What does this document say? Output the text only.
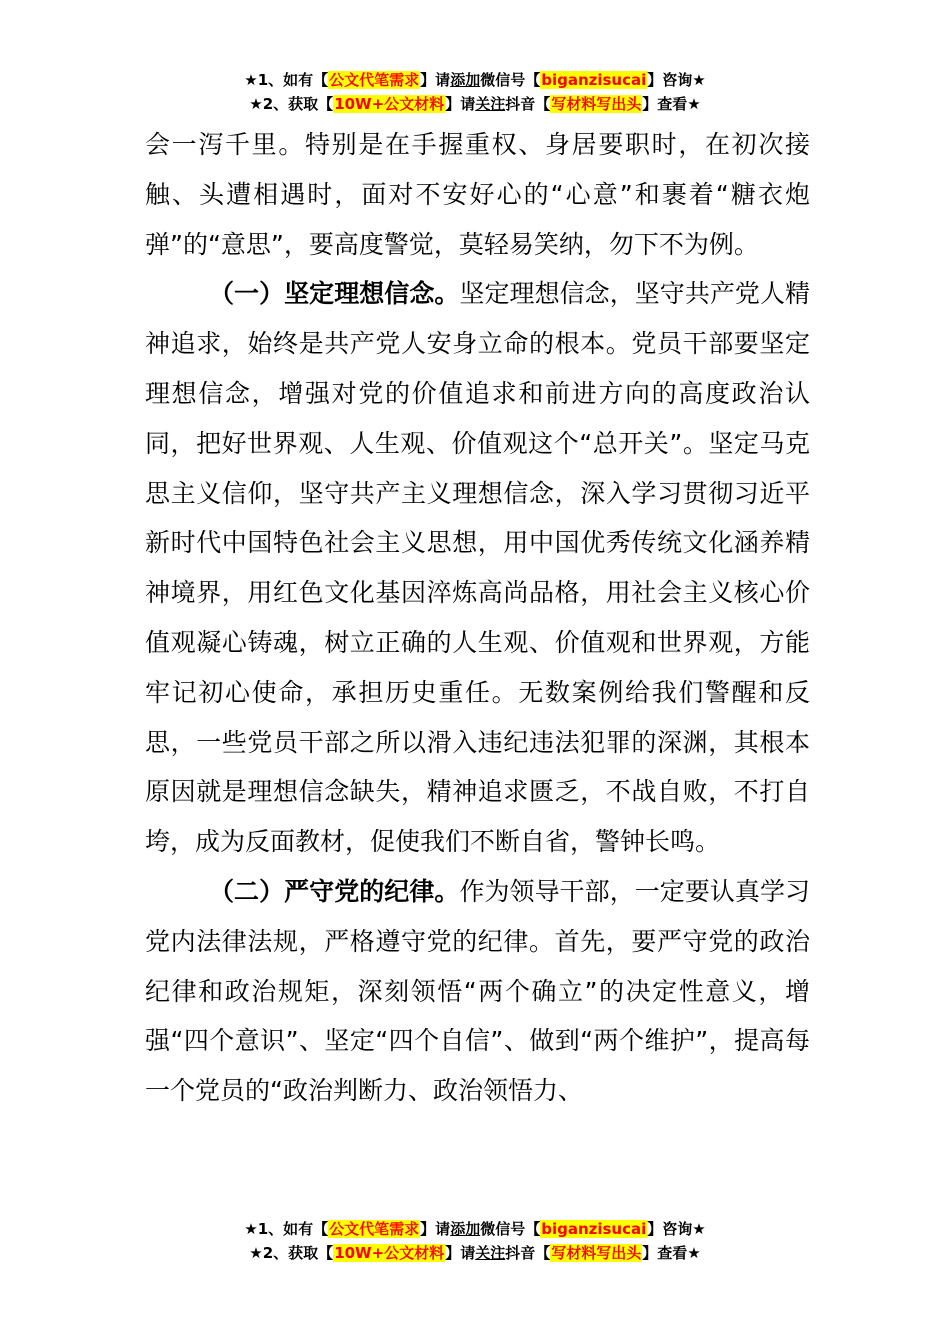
★1、如有【公文代笔需求】请添加微信号【biganzisucai】咨询★
★2、获取【10W+公文材料】请关注抖音【写材料写出头】查看★

会一泻千里。特别是在手握重权、身居要职时，在初次接触、头遭相遇时，面对不安好心的“心意”和裹着“糖衣炮弹”的“意思”，要高度警觉，莫轻易笑纳，勿下不为例。

（一）坚定理想信念。坚定理想信念，坚守共产党人精神追求，始终是共产党人安身立命的根本。党员干部要坚定理想信念，增强对党的价值追求和前进方向的高度政治认同，把好世界观、人生观、价值观这个“总开关”。坚定马克思主义信仰，坚守共产主义理想信念，深入学习贯彻习近平新时代中国特色社会主义思想，用中国优秀传统文化涵养精神境界，用红色文化基因淬炼高尚品格，用社会主义核心价值观凝心铸魂，树立正确的人生观、价值观和世界观，方能牢记初心使命，承担历史重任。无数案例给我们警醒和反思，一些党员干部之所以滑入违纪违法犯罪的深渊，其根本原因就是理想信念缺失，精神追求匮乏，不战自败，不打自垮，成为反面教材，促使我们不断自省，警钟长鸣。

（二）严守党的纪律。作为领导干部，一定要认真学习党内法律法规，严格遵守党的纪律。首先，要严守党的政治纪律和政治规矩，深刻领悟“两个确立”的决定性意义，增强“四个意识”、坚定“四个自信”、做到“两个维护”，提高每一个党员的“政治判断力、政治领悟力、

★1、如有【公文代笔需求】请添加微信号【biganzisucai】咨询★
★2、获取【10W+公文材料】请关注抖音【写材料写出头】查看★
